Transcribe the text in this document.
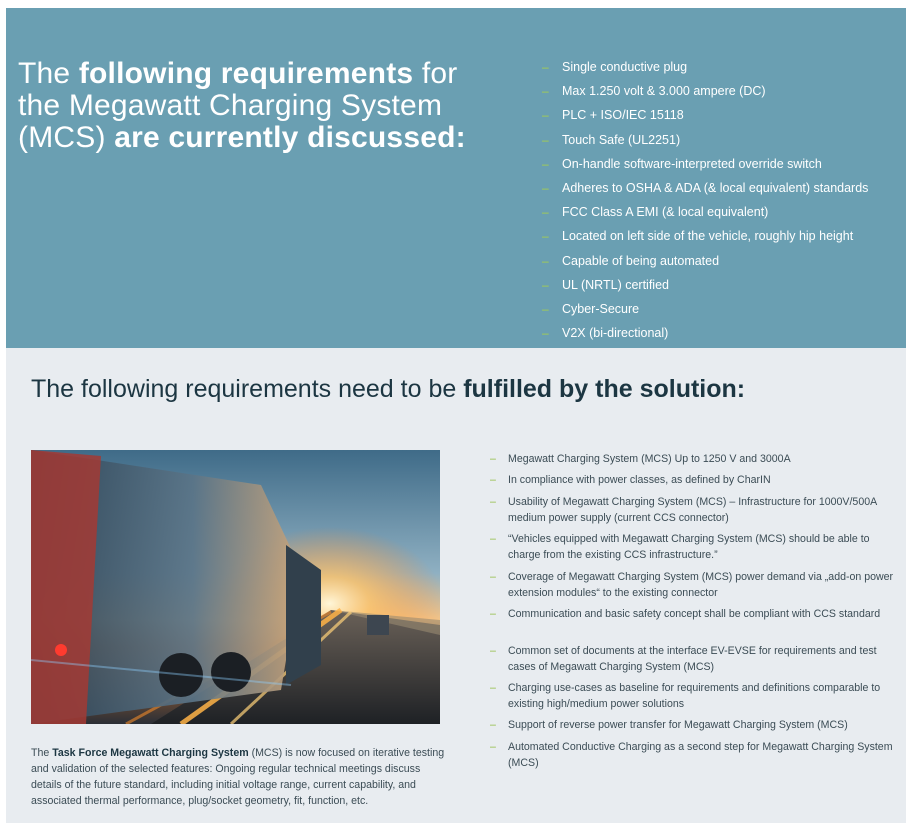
The following requirements for the Megawatt Charging System (MCS) are currently discussed:
– Single conductive plug
– Max 1.250 volt & 3.000 ampere (DC)
– PLC + ISO/IEC 15118
– Touch Safe (UL2251)
– On-handle software-interpreted override switch
– Adheres to OSHA & ADA (& local equivalent) standards
– FCC Class A EMI (& local equivalent)
– Located on left side of the vehicle, roughly hip height
– Capable of being automated
– UL (NRTL) certified
– Cyber-Secure
– V2X (bi-directional)
The following requirements need to be fulfilled by the solution:
The Task Force Megawatt Charging System (MCS) is now focused on iterative testing and validation of the selected features: Ongoing regular technical meetings discuss details of the future standard, including initial voltage range, current capability, and associated thermal performance, plug/socket geometry, fit, function, etc.
– Megawatt Charging System (MCS) Up to 1250 V and 3000A
– In compliance with power classes, as defined by CharIN
– Usability of Megawatt Charging System (MCS) – Infrastructure for 1000V/500A medium power supply (current CCS connector)
– “Vehicles equipped with Megawatt Charging System (MCS) should be able to charge from the existing CCS infrastructure.”
– Coverage of Megawatt Charging System (MCS) power demand via „add-on power extension modules“ to the existing connector
– Communication and basic safety concept shall be compliant with CCS standard
– Common set of documents at the interface EV-EVSE for requirements and test cases of Megawatt Charging System (MCS)
– Charging use-cases as baseline for requirements and definitions comparable to existing high/medium power solutions
– Support of reverse power transfer for Megawatt Charging System (MCS)
– Automated Conductive Charging as a second step for Megawatt Charging System (MCS)
